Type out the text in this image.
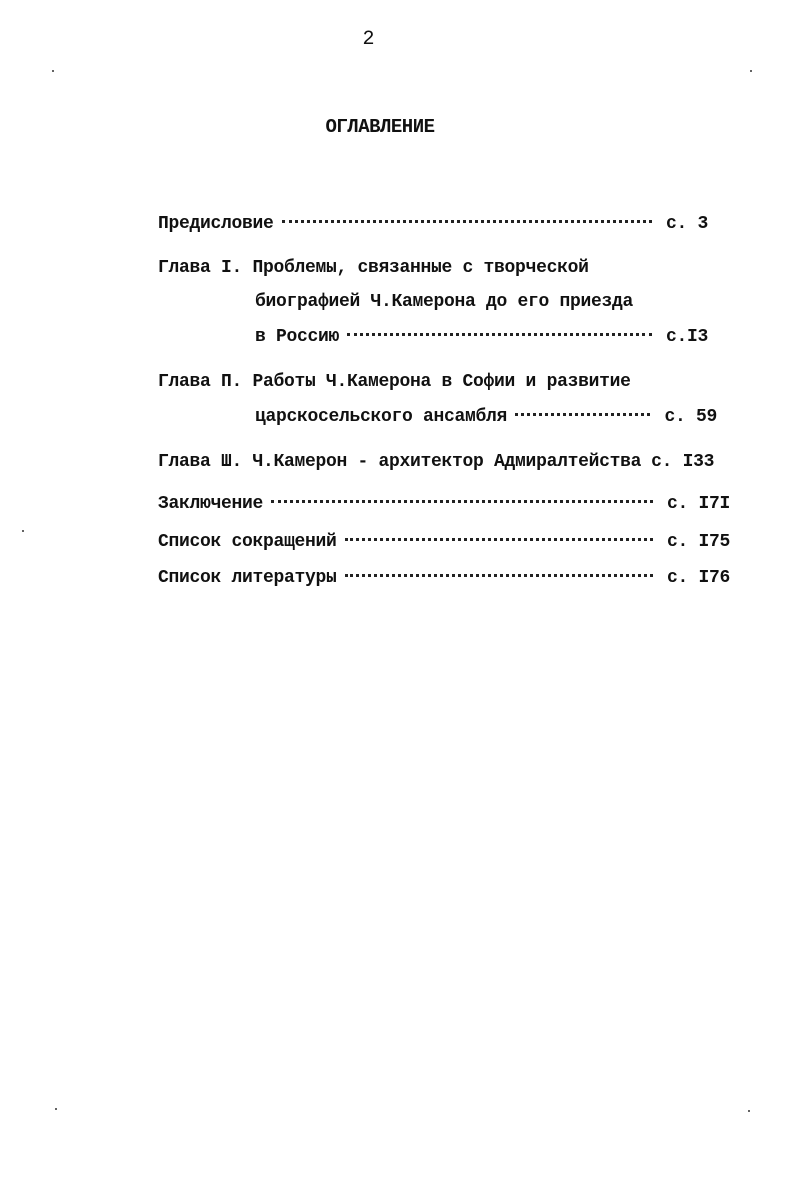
2
ОГЛАВЛЕНИЕ
Предисловие	с. 3
Глава I. Проблемы, связанные с творческой
биографией Ч.Камерона до его приезда
в Россию	с.I3
Глава П. Работы Ч.Камерона в Софии и развитие
царскосельского ансамбля	с. 59
Глава Ш. Ч.Камерон - архитектор Адмиралтейства с. I33
Заключение	с. I7I
Список сокращений	с. I75
Список литературы	с. I76
